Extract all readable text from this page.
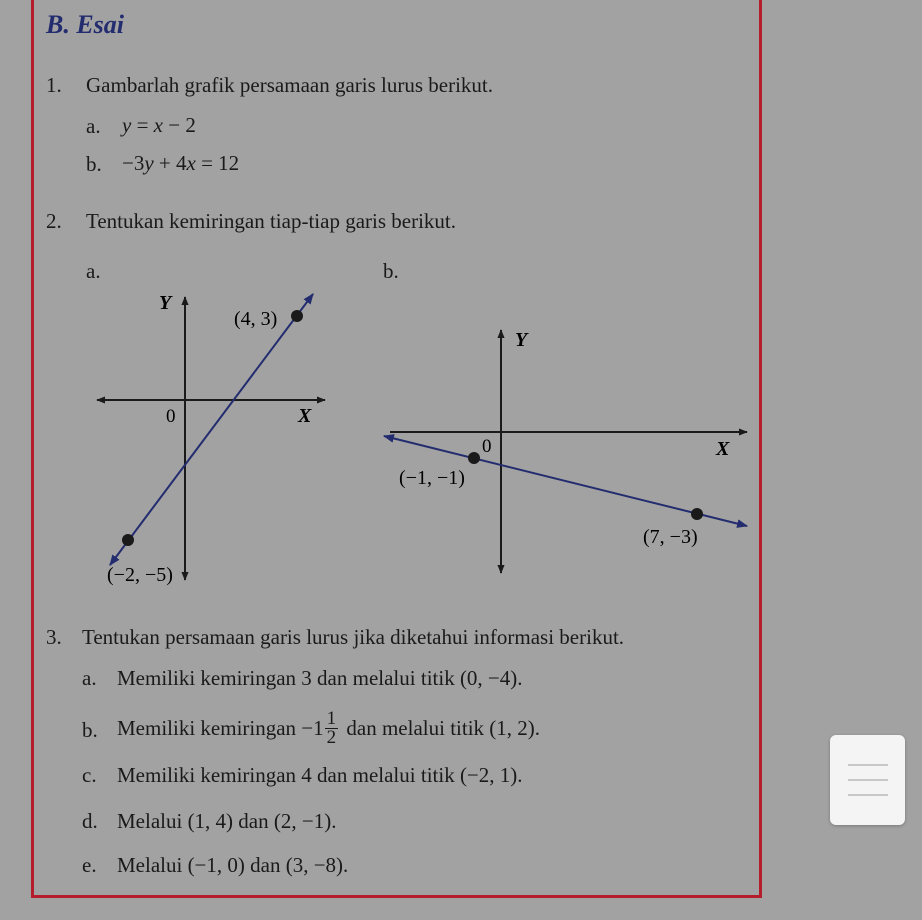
B. Esai
1. Gambarlah grafik persamaan garis lurus berikut.
a. y = x − 2
b. −3y + 4x = 12
2. Tentukan kemiringan tiap-tiap garis berikut.
a.	b.
Y
X
0
(4, 3)
(−2, −5)
Y
X
0
(−1, −1)
(7, −3)
3. Tentukan persamaan garis lurus jika diketahui informasi berikut.
a. Memiliki kemiringan 3 dan melalui titik (0, −4).
b. Memiliki kemiringan $-1 \frac{1}{2}$ dan melalui titik (1, 2).
c. Memiliki kemiringan 4 dan melalui titik (−2, 1).
d. Melalui (1, 4) dan (2, −1).
e. Melalui (−1, 0) dan (3, −8).
